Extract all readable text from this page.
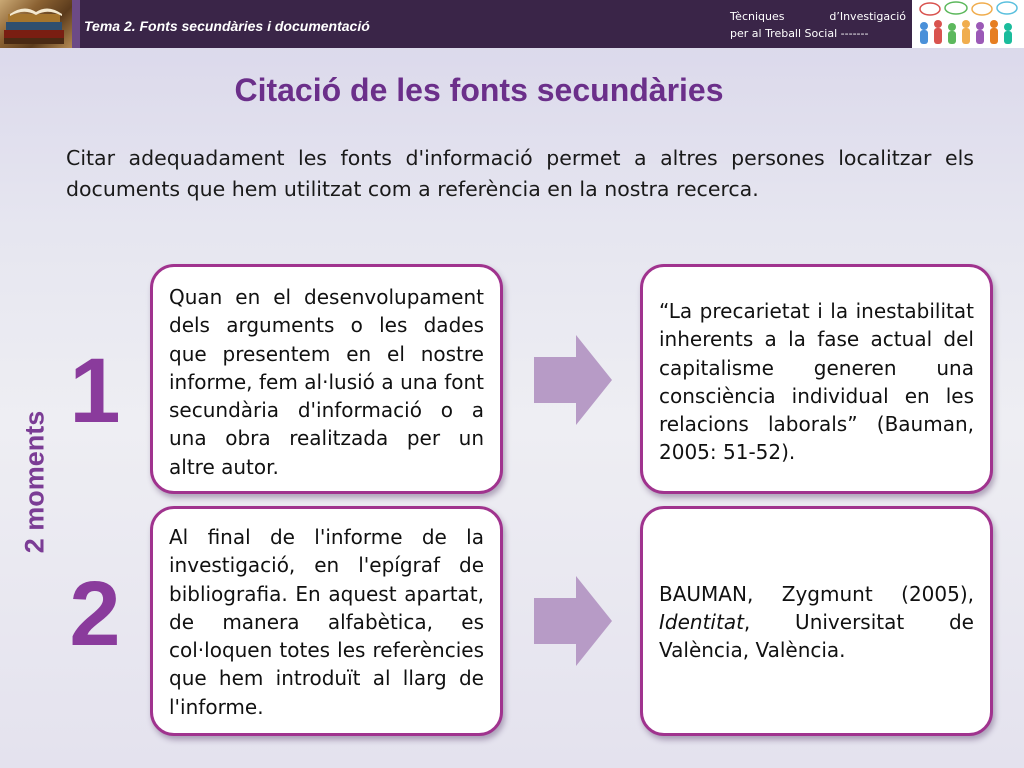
Tema 2. Fonts secundàries i documentació
Tècniques	d’Investigació
per al Treball Social -------
Citació de les fonts secundàries

Citar adequadament les fonts d'informació permet a altres persones localitzar els documents que hem utilitzat com a referència en la nostra recerca.

2 moments
1
Quan en el desenvolupament dels arguments o les dades que presentem en el nostre informe, fem al·lusió a una font secundària d'informació o a una obra realitzada per un altre autor.
“La precarietat i la inestabilitat inherents a la fase actual del capitalisme generen una consciència individual en les relacions laborals” (Bauman, 2005: 51-52).
2
Al final de l'informe de la investigació, en l'epígraf de bibliografia. En aquest apartat, de manera alfabètica, es col·loquen totes les referències que hem introduït al llarg de l'informe.
BAUMAN, Zygmunt (2005), Identitat, Universitat de València, València.
